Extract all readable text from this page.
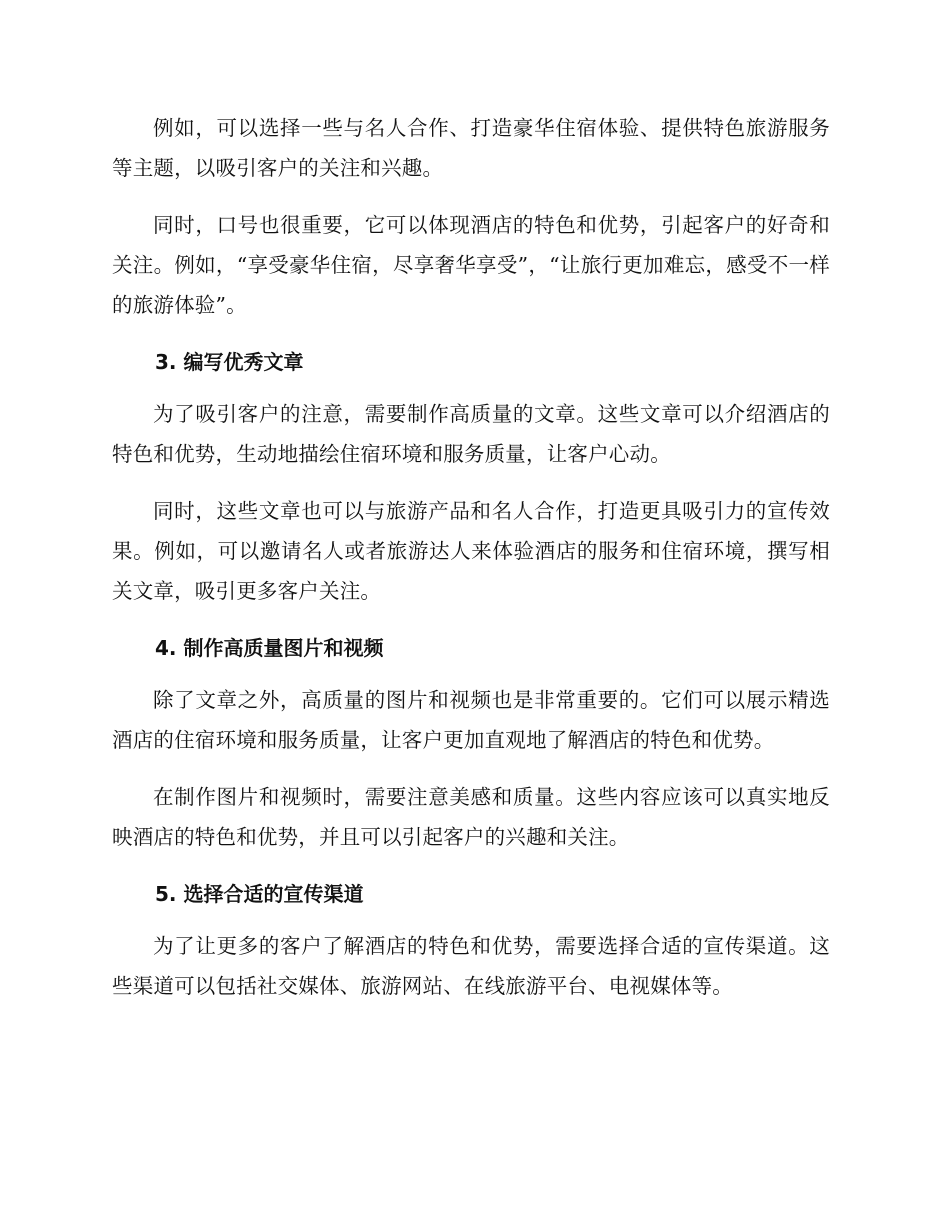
例如，可以选择一些与名人合作、打造豪华住宿体验、提供特色旅游服务等主题，以吸引客户的关注和兴趣。

同时，口号也很重要，它可以体现酒店的特色和优势，引起客户的好奇和关注。例如，“享受豪华住宿，尽享奢华享受”，“让旅行更加难忘，感受不一样的旅游体验”。

3. 编写优秀文章

为了吸引客户的注意，需要制作高质量的文章。这些文章可以介绍酒店的特色和优势，生动地描绘住宿环境和服务质量，让客户心动。

同时，这些文章也可以与旅游产品和名人合作，打造更具吸引力的宣传效果。例如，可以邀请名人或者旅游达人来体验酒店的服务和住宿环境，撰写相关文章，吸引更多客户关注。

4. 制作高质量图片和视频

除了文章之外，高质量的图片和视频也是非常重要的。它们可以展示精选酒店的住宿环境和服务质量，让客户更加直观地了解酒店的特色和优势。

在制作图片和视频时，需要注意美感和质量。这些内容应该可以真实地反映酒店的特色和优势，并且可以引起客户的兴趣和关注。

5. 选择合适的宣传渠道

为了让更多的客户了解酒店的特色和优势，需要选择合适的宣传渠道。这些渠道可以包括社交媒体、旅游网站、在线旅游平台、电视媒体等。
